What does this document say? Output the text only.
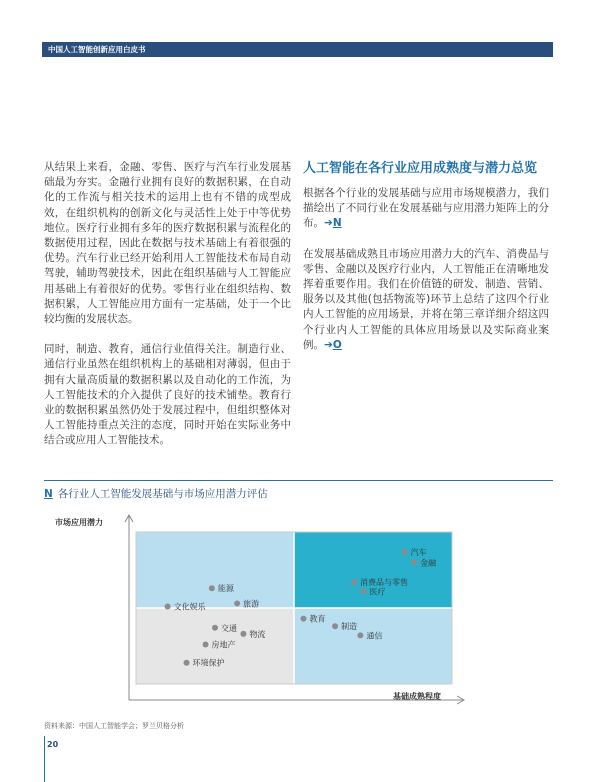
中国人工智能创新应用白皮书

从结果上来看，金融、零售、医疗与汽车行业发展基础最为夯实。金融行业拥有良好的数据积累，在自动化的工作流与相关技术的运用上也有不错的成型成效，在组织机构的创新文化与灵活性上处于中等优势地位。医疗行业拥有多年的医疗数据积累与流程化的数据使用过程，因此在数据与技术基础上有着很强的优势。汽车行业已经开始利用人工智能技术布局自动驾驶，辅助驾驶技术，因此在组织基础与人工智能应用基础上有着很好的优势。零售行业在组织结构、数据积累，人工智能应用方面有一定基础，处于一个比较均衡的发展状态。

同时，制造、教育，通信行业值得关注。制造行业、通信行业虽然在组织机构上的基础相对薄弱，但由于拥有大量高质量的数据积累以及自动化的工作流，为人工智能技术的介入提供了良好的技术铺垫。教育行业的数据积累虽然仍处于发展过程中，但组织整体对人工智能持重点关注的态度，同时开始在实际业务中结合或应用人工智能技术。

人工智能在各行业应用成熟度与潜力总览

根据各个行业的发展基础与应用市场规模潜力，我们描绘出了不同行业在发展基础与应用潜力矩阵上的分布。➔N

在发展基础成熟且市场应用潜力大的汽车、消费品与零售、金融以及医疗行业内，人工智能正在清晰地发挥着重要作用。我们在价值链的研发、制造、营销、服务以及其他(包括物流等)环节上总结了这四个行业内人工智能的应用场景，并将在第三章详细介绍这四个行业内人工智能的具体应用场景以及实际商业案例。➔O

N 各行业人工智能发展基础与市场应用潜力评估

市场应用潜力

汽车
金融
消费品与零售
医疗
能源
文化娱乐	旅游
教育
制造
通信
交通
物流
房地产
环境保护

基础成熟程度

资料来源：中国人工智能学会；罗兰贝格分析

20
